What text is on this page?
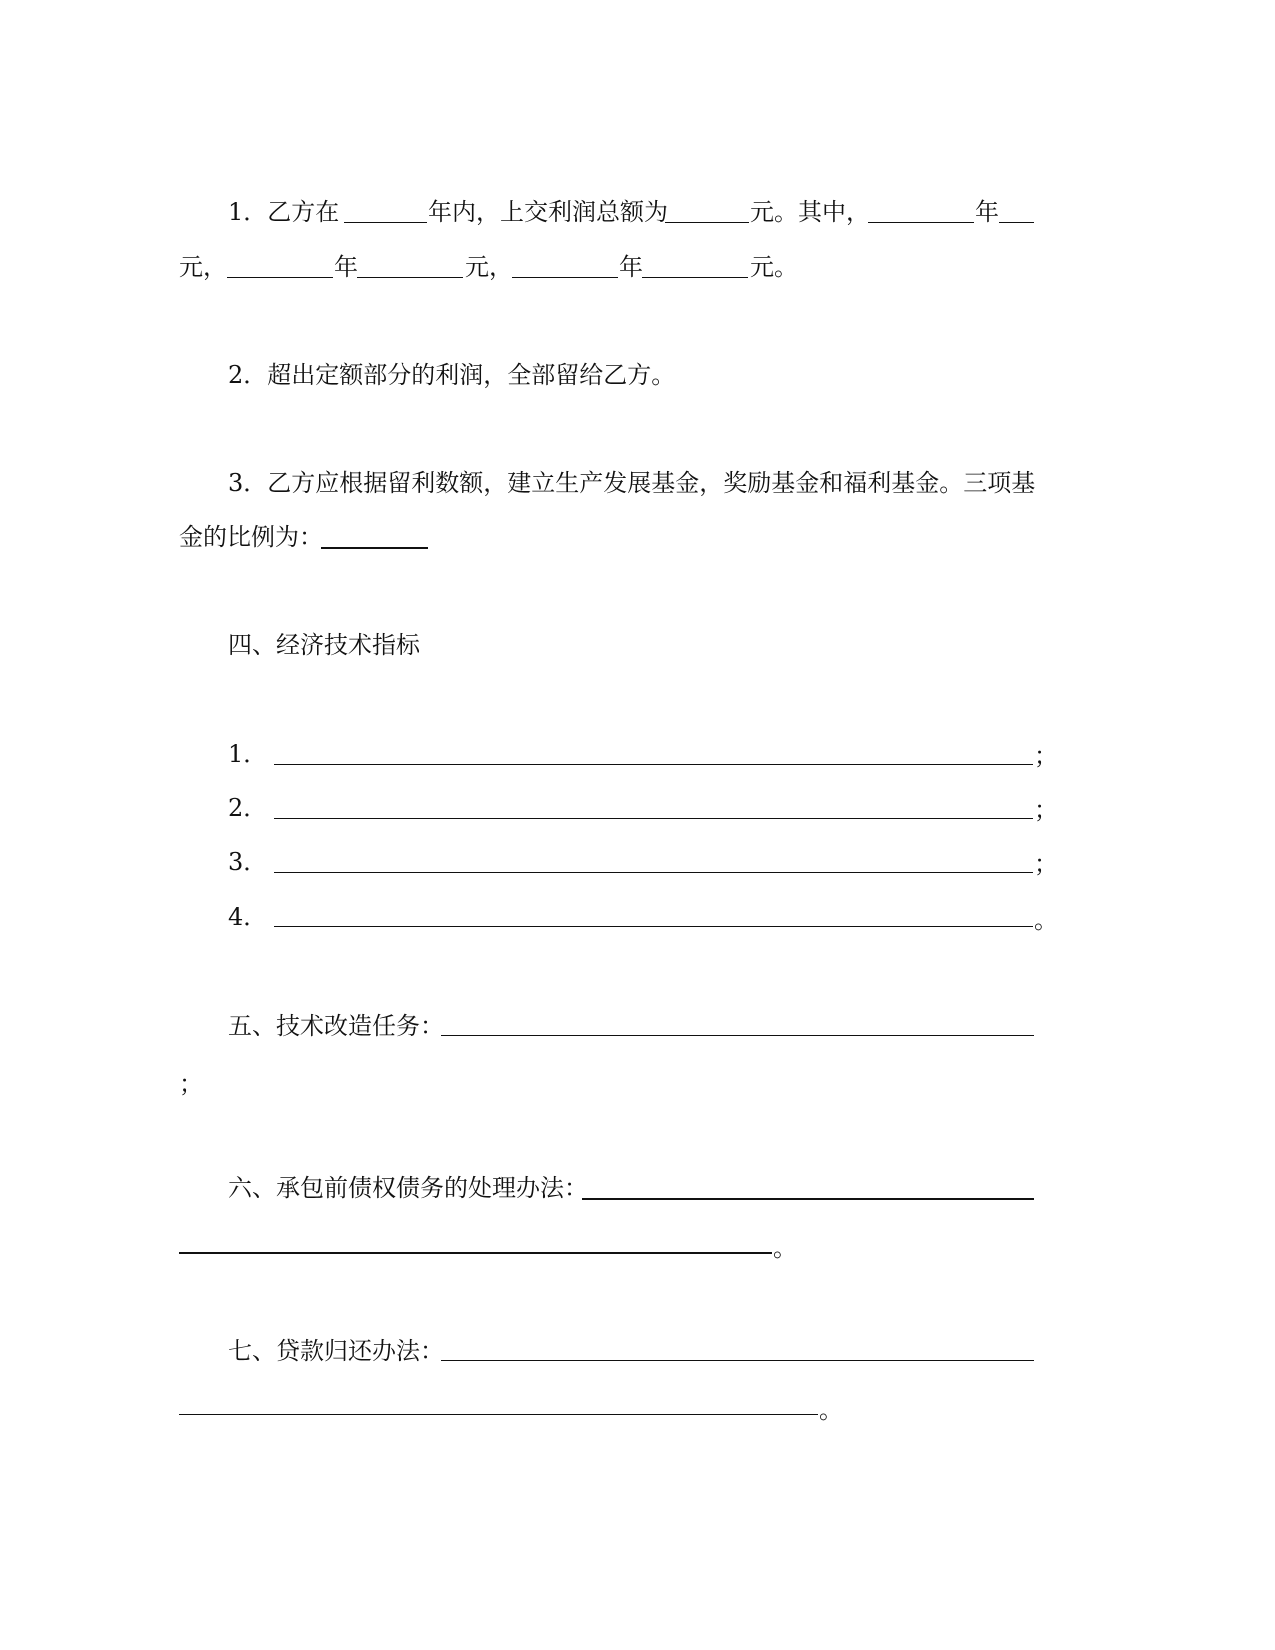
1．乙方在	年内，上交利润总额为	元。其中，	年
元，	年	元，	年	元。
2．超出定额部分的利润，全部留给乙方。
3．乙方应根据留利数额，建立生产发展基金，奖励基金和福利基金。三项基
金的比例为：
四、经济技术指标
1．	；
2．	；
3．	；
4．	。
五、技术改造任务：
；
六、承包前债权债务的处理办法：
。
七、贷款归还办法：
。
